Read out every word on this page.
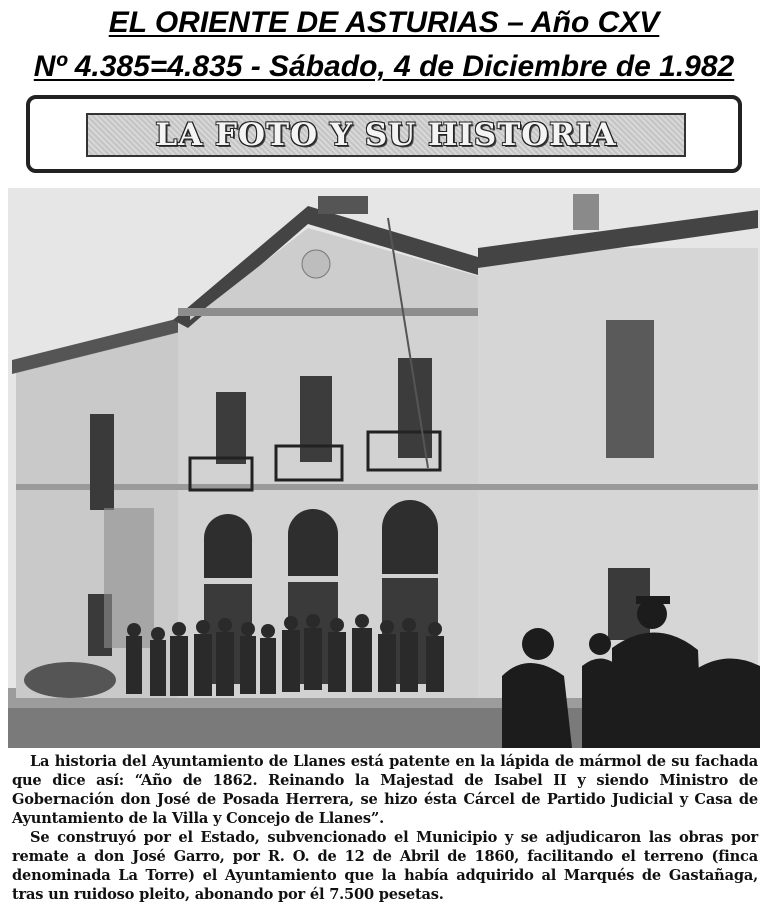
EL ORIENTE DE ASTURIAS – Año CXV
Nº 4.385=4.835 - Sábado, 4 de Diciembre de 1.982
LA FOTO Y SU HISTORIA

La historia del Ayuntamiento de Llanes está patente en la lápida de mármol de su fachada que dice así: “Año de 1862. Reinando la Majestad de Isabel II y siendo Ministro de Gobernación don José de Posada Herrera, se hizo ésta Cárcel de Partido Judicial y Casa de Ayuntamiento de la Villa y Concejo de Llanes”.

Se construyó por el Estado, subvencionado el Municipio y se adjudicaron las obras por remate a don José Garro, por R. O. de 12 de Abril de 1860, facilitando el terreno (finca denominada La Torre) el Ayuntamiento que la había adquirido al Marqués de Gastañaga, tras un ruidoso pleito, abonando por él 7.500 pesetas.
